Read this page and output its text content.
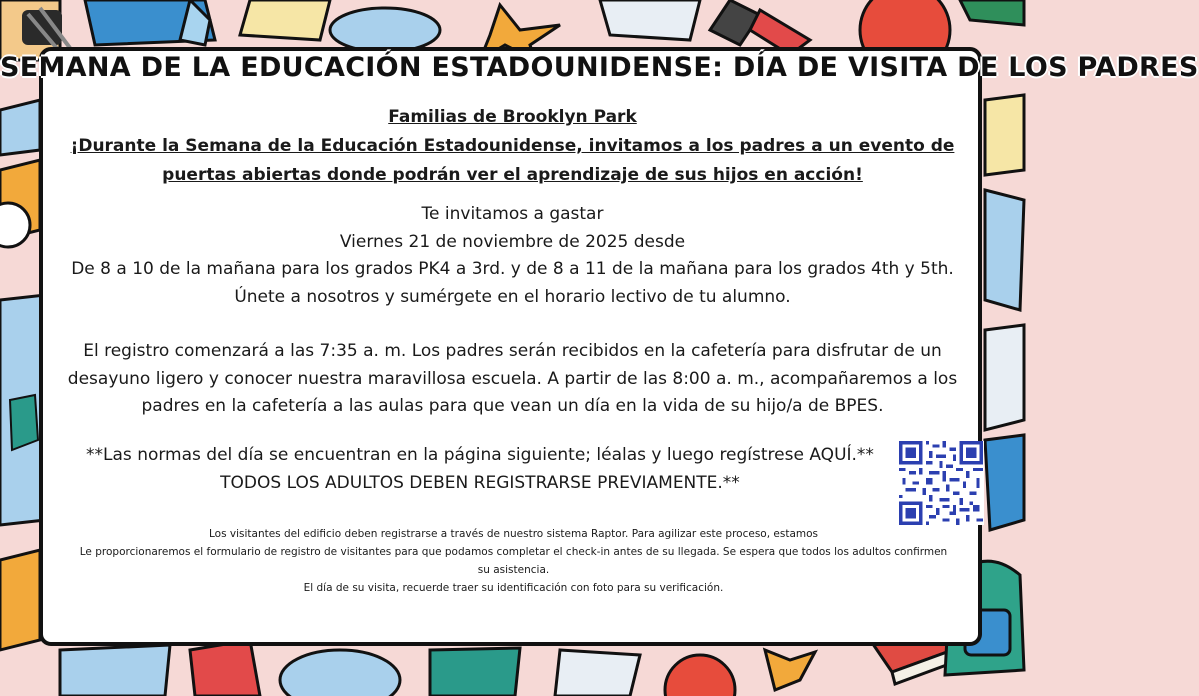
SEMANA DE LA EDUCACIÓN ESTADOUNIDENSE: DÍA DE VISITA DE LOS PADRES
Familias de Brooklyn Park
¡Durante la Semana de la Educación Estadounidense, invitamos a los padres a un evento de
puertas abiertas donde podrán ver el aprendizaje de sus hijos en acción!
Te invitamos a gastar
Viernes 21 de noviembre de 2025 desde
De 8 a 10 de la mañana para los grados PK4 a 3rd. y de 8 a 11 de la mañana para los grados 4th y 5th.
Únete a nosotros y sumérgete en el horario lectivo de tu alumno.
El registro comenzará a las 7:35 a. m. Los padres serán recibidos en la cafetería para disfrutar de un
desayuno ligero y conocer nuestra maravillosa escuela. A partir de las 8:00 a. m., acompañaremos a los
padres en la cafetería a las aulas para que vean un día en la vida de su hijo/a de BPES.
**Las normas del día se encuentran en la página siguiente; léalas y luego regístrese AQUÍ.**
TODOS LOS ADULTOS DEBEN REGISTRARSE PREVIAMENTE.**
Los visitantes del edificio deben registrarse a través de nuestro sistema Raptor. Para agilizar este proceso, estamos
Le proporcionaremos el formulario de registro de visitantes para que podamos completar el check-in antes de su llegada. Se espera que todos los adultos confirmen
su asistencia.
El día de su visita, recuerde traer su identificación con foto para su verificación.
